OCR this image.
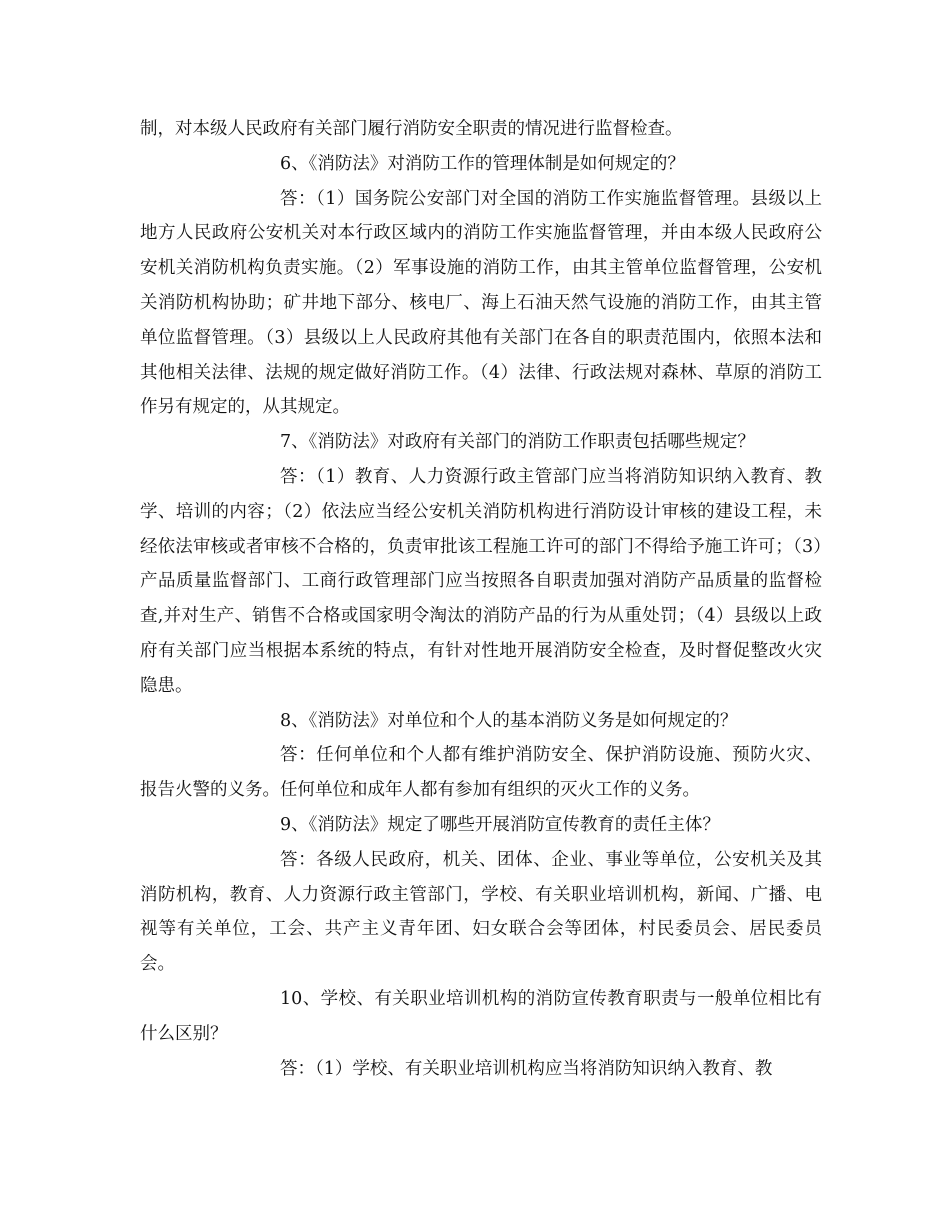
制，对本级人民政府有关部门履行消防安全职责的情况进行监督检查。

6、《消防法》对消防工作的管理体制是如何规定的？

答：（1）国务院公安部门对全国的消防工作实施监督管理。县级以上地方人民政府公安机关对本行政区域内的消防工作实施监督管理，并由本级人民政府公安机关消防机构负责实施。（2）军事设施的消防工作，由其主管单位监督管理，公安机关消防机构协助；矿井地下部分、核电厂、海上石油天然气设施的消防工作，由其主管单位监督管理。（3）县级以上人民政府其他有关部门在各自的职责范围内，依照本法和其他相关法律、法规的规定做好消防工作。（4）法律、行政法规对森林、草原的消防工作另有规定的，从其规定。

7、《消防法》对政府有关部门的消防工作职责包括哪些规定？

答：（1）教育、人力资源行政主管部门应当将消防知识纳入教育、教学、培训的内容；（2）依法应当经公安机关消防机构进行消防设计审核的建设工程，未经依法审核或者审核不合格的，负责审批该工程施工许可的部门不得给予施工许可；（3）产品质量监督部门、工商行政管理部门应当按照各自职责加强对消防产品质量的监督检查,并对生产、销售不合格或国家明令淘汰的消防产品的行为从重处罚；（4）县级以上政府有关部门应当根据本系统的特点，有针对性地开展消防安全检查，及时督促整改火灾隐患。

8、《消防法》对单位和个人的基本消防义务是如何规定的？

答：任何单位和个人都有维护消防安全、保护消防设施、预防火灾、报告火警的义务。任何单位和成年人都有参加有组织的灭火工作的义务。

9、《消防法》规定了哪些开展消防宣传教育的责任主体？

答：各级人民政府，机关、团体、企业、事业等单位，公安机关及其消防机构，教育、人力资源行政主管部门，学校、有关职业培训机构，新闻、广播、电视等有关单位，工会、共产主义青年团、妇女联合会等团体，村民委员会、居民委员会。

10、学校、有关职业培训机构的消防宣传教育职责与一般单位相比有什么区别？

答：（1）学校、有关职业培训机构应当将消防知识纳入教育、教
